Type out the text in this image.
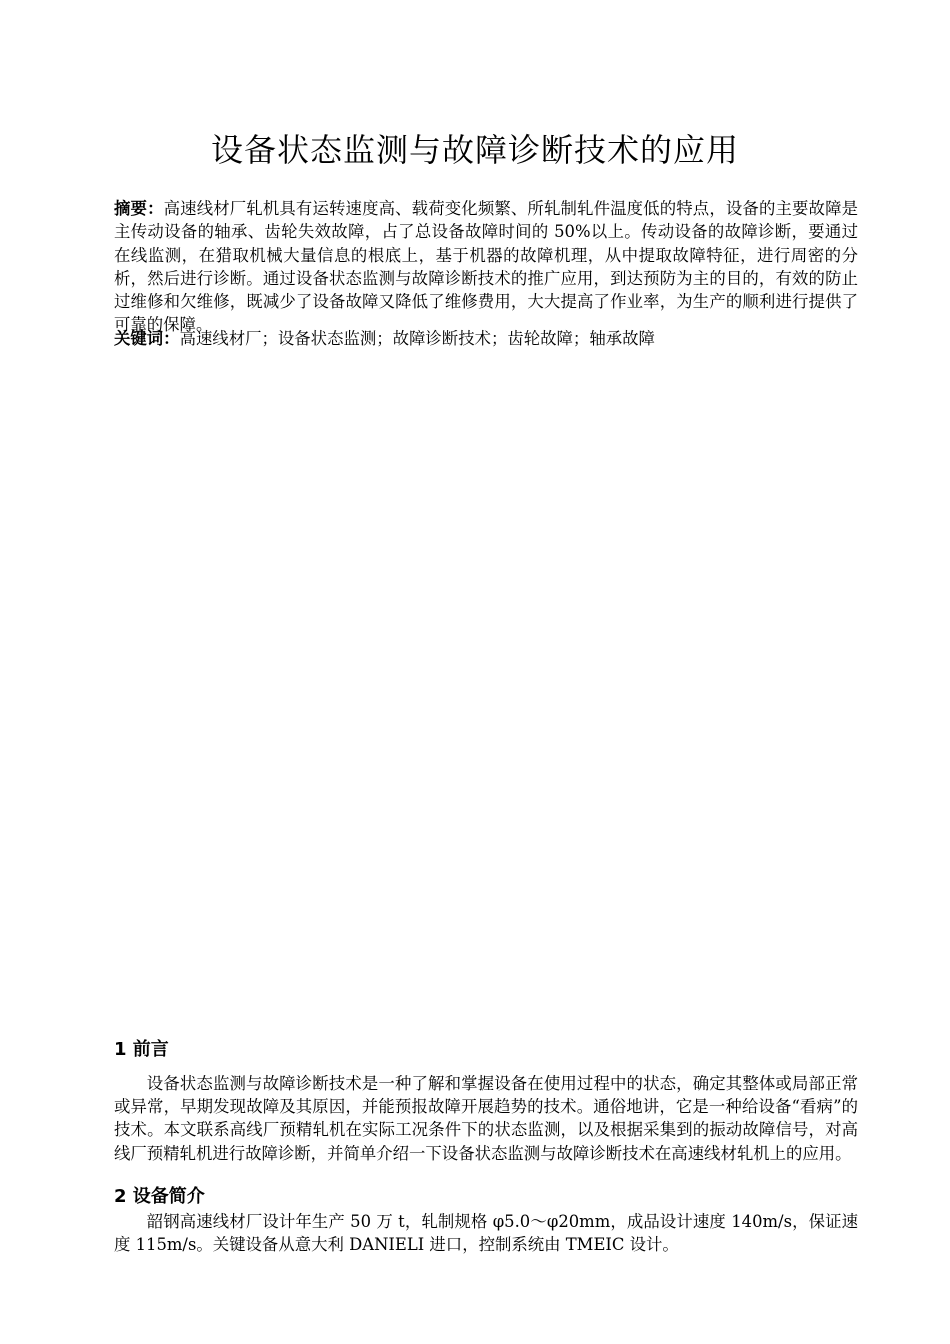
设备状态监测与故障诊断技术的应用

摘要：高速线材厂轧机具有运转速度高、载荷变化频繁、所轧制轧件温度低的特点，设备的主要故障是主传动设备的轴承、齿轮失效故障，占了总设备故障时间的 50%以上。传动设备的故障诊断，要通过在线监测，在猎取机械大量信息的根底上，基于机器的故障机理，从中提取故障特征，进行周密的分析，然后进行诊断。通过设备状态监测与故障诊断技术的推广应用，到达预防为主的目的，有效的防止过维修和欠维修，既减少了设备故障又降低了维修费用，大大提高了作业率，为生产的顺利进行提供了可靠的保障。

关键词：高速线材厂；设备状态监测；故障诊断技术；齿轮故障；轴承故障

1 前言

设备状态监测与故障诊断技术是一种了解和掌握设备在使用过程中的状态，确定其整体或局部正常或异常，早期发现故障及其原因，并能预报故障开展趋势的技术。通俗地讲，它是一种给设备“看病”的技术。本文联系高线厂预精轧机在实际工况条件下的状态监测，以及根据采集到的振动故障信号，对高线厂预精轧机进行故障诊断，并简单介绍一下设备状态监测与故障诊断技术在高速线材轧机上的应用。

2 设备简介

韶钢高速线材厂设计年生产 50 万 t，轧制规格 φ5.0～φ20mm，成品设计速度 140m/s，保证速度 115m/s。关键设备从意大利 DANIELI 进口，控制系统由 TMEIC 设计。
